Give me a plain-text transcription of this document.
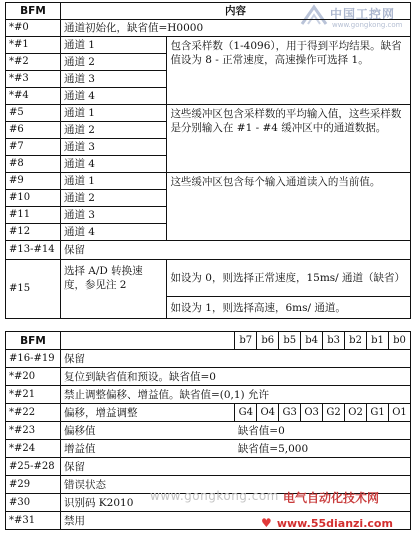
中国工控网
www.gongkong.com
BFM	内容	
*#0	通道初始化，缺省值=H0000	
*#1	通道 1	包含采样数（1-4096），用于得到平均结果。缺省值设为 8 - 正常速度，高速操作可选择 1。
*#2	通道 2	
*#3	通道 3	
*#4	通道 4	
#5	通道 1	这些缓冲区包含采样数的平均输入值，这些采样数是分别输入在 #1 - #4 缓冲区中的通道数据。
#6	通道 2	
#7	通道 3	
#8	通道 4	
#9	通道 1	这些缓冲区包含每个输入通道读入的当前值。
#10	通道 2	
#11	通道 3	
#12	通道 4	
#13-#14	保留	
#15	选择 A/D 转换速度，参见注 2	如设为 0，则选择正常速度，15ms/ 通道（缺省）
		如设为 1，则选择高速，6ms/ 通道。
BFM		b7	b6	b5	b4	b3	b2	b1	b0
#16-#19	保留								
*#20	复位到缺省值和预设。缺省值=0								
*#21	禁止调整偏移、增益值。缺省值=(0,1) 允许								
*#22	偏移，增益调整	G4	O4	G3	O3	G2	O2	G1	O1
*#23	偏移值	缺省值=0							
*#24	增益值	缺省值=5,000							
#25-#28	保留								
#29	错误状态								
#30	识别码 K2010								
*#31	禁用								
www.gongkong.com 电气自动化技术网
♥ www.55dianzi.com
